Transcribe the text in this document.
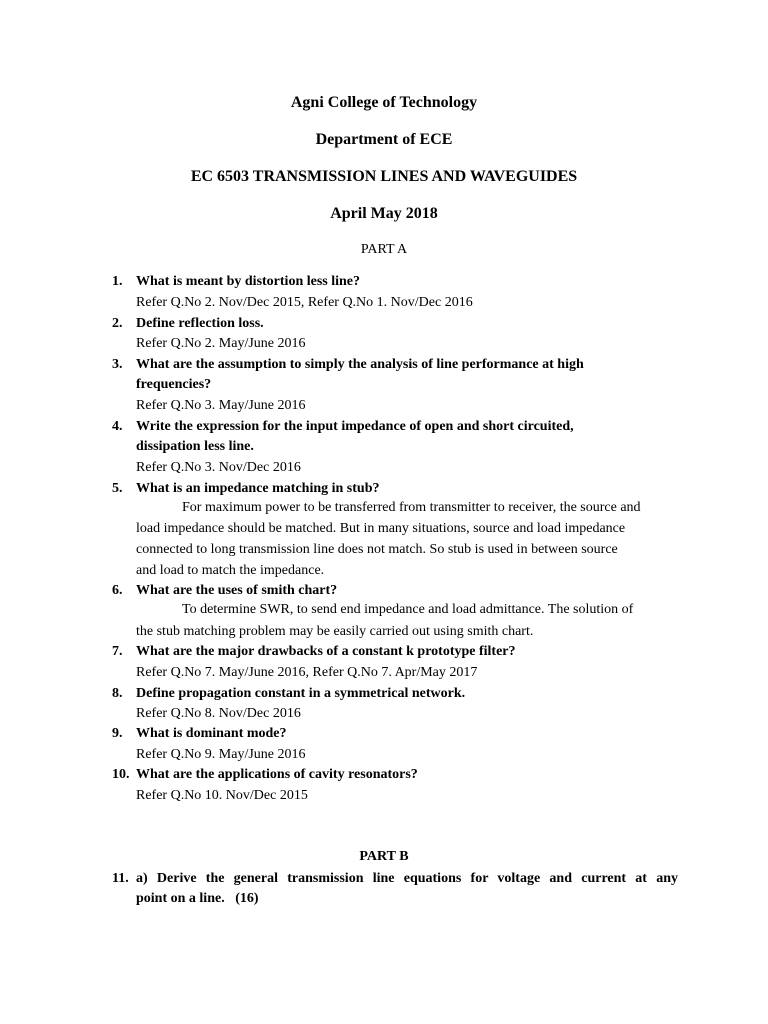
Agni College of Technology
Department of ECE
EC 6503 TRANSMISSION LINES AND WAVEGUIDES
April May 2018
PART A
1. What is meant by distortion less line?
Refer Q.No 2. Nov/Dec 2015, Refer Q.No 1. Nov/Dec 2016
2. Define reflection loss.
Refer Q.No 2. May/June 2016
3. What are the assumption to simply the analysis of line performance at high
frequencies?
Refer Q.No 3. May/June 2016
4. Write the expression for the input impedance of open and short circuited,
dissipation less line.
Refer Q.No 3. Nov/Dec 2016
5. What is an impedance matching in stub?
For maximum power to be transferred from transmitter to receiver, the source and
load impedance should be matched. But in many situations, source and load impedance
connected to long transmission line does not match. So stub is used in between source
and load to match the impedance.
6. What are the uses of smith chart?
To determine SWR, to send end impedance and load admittance. The solution of
the stub matching problem may be easily carried out using smith chart.
7. What are the major drawbacks of a constant k prototype filter?
Refer Q.No 7. May/June 2016, Refer Q.No 7. Apr/May 2017
8. Define propagation constant in a symmetrical network.
Refer Q.No 8. Nov/Dec 2016
9. What is dominant mode?
Refer Q.No 9. May/June 2016
10. What are the applications of cavity resonators?
Refer Q.No 10. Nov/Dec 2015
PART B
11. a) Derive the general transmission line equations for voltage and current at any
point on a line.   (16)
